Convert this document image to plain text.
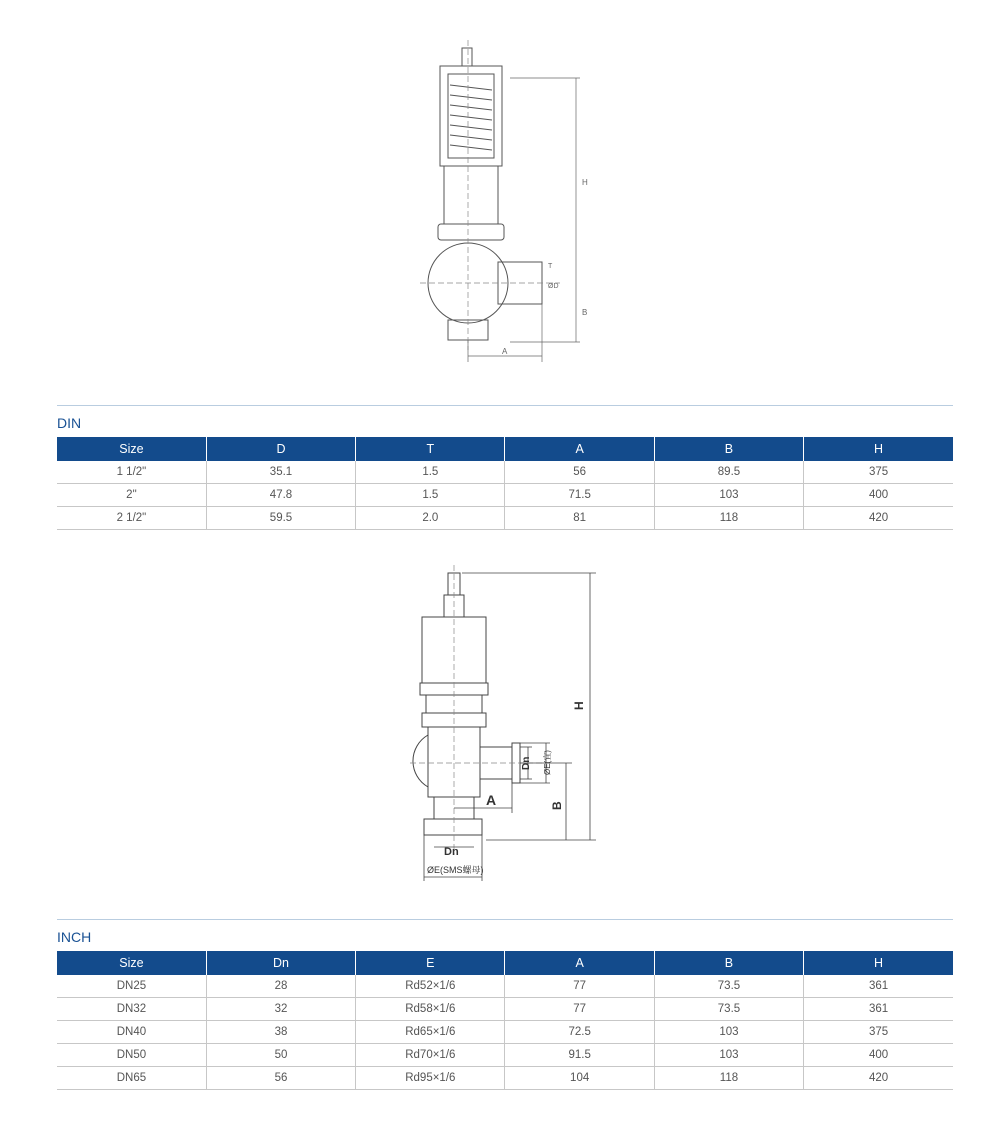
H
B
A
ØD
T
DIN
Size	D	T	A	B	H
1 1/2"	35.1	1.5	56	89.5	375
2"	47.8	1.5	71.5	103	400
2 1/2"	59.5	2.0	81	118	420
H
B
A
Dn ØE(宜)
Dn
ØE(SMS螺母)
INCH
Size	Dn	E	A	B	H
DN25	28	Rd52×1/6	77	73.5	361
DN32	32	Rd58×1/6	77	73.5	361
DN40	38	Rd65×1/6	72.5	103	375
DN50	50	Rd70×1/6	91.5	103	400
DN65	56	Rd95×1/6	104	118	420
